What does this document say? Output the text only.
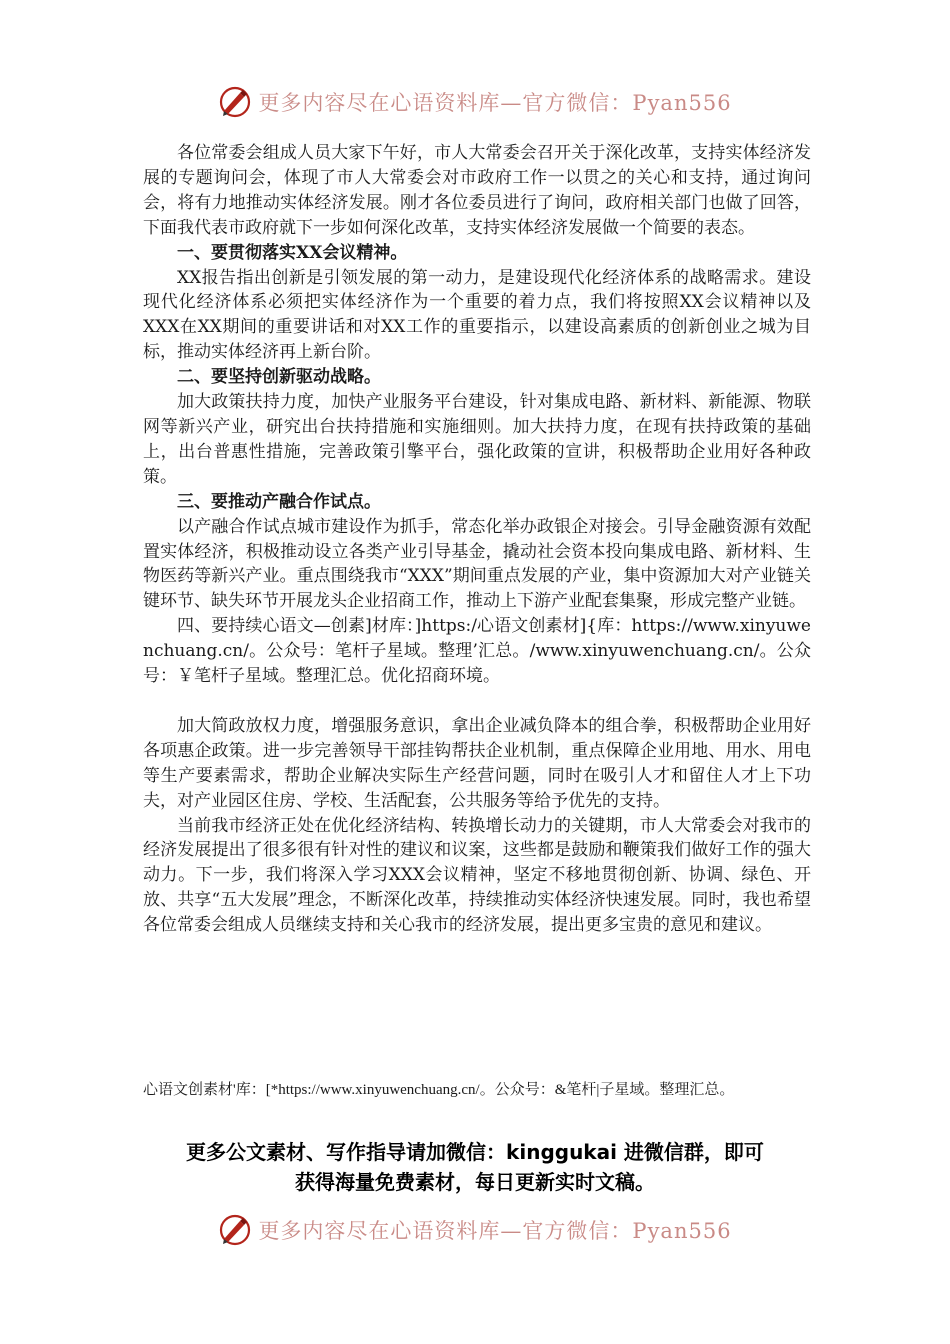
更多内容尽在心语资料库—官方微信：Pyan556

各位常委会组成人员大家下午好，市人大常委会召开关于深化改革，支持实体经济发展的专题询问会，体现了市人大常委会对市政府工作一以贯之的关心和支持，通过询问会，将有力地推动实体经济发展。刚才各位委员进行了询问，政府相关部门也做了回答，下面我代表市政府就下一步如何深化改革，支持实体经济发展做一个简要的表态。

一、要贯彻落实XX会议精神。

XX报告指出创新是引领发展的第一动力，是建设现代化经济体系的战略需求。建设现代化经济体系必须把实体经济作为一个重要的着力点，我们将按照XX会议精神以及XXX在XX期间的重要讲话和对XX工作的重要指示，以建设高素质的创新创业之城为目标，推动实体经济再上新台阶。

二、要坚持创新驱动战略。

加大政策扶持力度，加快产业服务平台建设，针对集成电路、新材料、新能源、物联网等新兴产业，研究出台扶持措施和实施细则。加大扶持力度，在现有扶持政策的基础上，出台普惠性措施，完善政策引擎平台，强化政策的宣讲，积极帮助企业用好各种政策。

三、要推动产融合作试点。

以产融合作试点城市建设作为抓手，常态化举办政银企对接会。引导金融资源有效配置实体经济，积极推动设立各类产业引导基金，撬动社会资本投向集成电路、新材料、生物医药等新兴产业。重点围绕我市“XXX”期间重点发展的产业，集中资源加大对产业链关键环节、缺失环节开展龙头企业招商工作，推动上下游产业配套集聚，形成完整产业链。

四、要持续心语文—创素]材库：]https:/心语文创素材]{库：https://www.xinyuwenchuang.cn/。公众号：笔杆子星域。整理’汇总。/www.xinyuwenchuang.cn/。公众号：￥笔杆子星域。整理汇总。优化招商环境。

加大简政放权力度，增强服务意识，拿出企业减负降本的组合拳，积极帮助企业用好各项惠企政策。进一步完善领导干部挂钩帮扶企业机制，重点保障企业用地、用水、用电等生产要素需求，帮助企业解决实际生产经营问题，同时在吸引人才和留住人才上下功夫，对产业园区住房、学校、生活配套，公共服务等给予优先的支持。

当前我市经济正处在优化经济结构、转换增长动力的关键期，市人大常委会对我市的经济发展提出了很多很有针对性的建议和议案，这些都是鼓励和鞭策我们做好工作的强大动力。下一步，我们将深入学习XXX会议精神，坚定不移地贯彻创新、协调、绿色、开放、共享“五大发展”理念，不断深化改革，持续推动实体经济快速发展。同时，我也希望各位常委会组成人员继续支持和关心我市的经济发展，提出更多宝贵的意见和建议。

心语文创素材'库：[*https://www.xinyuwenchuang.cn/。公众号：&笔杆|子星域。整理汇总。
更多公文素材、写作指导请加微信：kinggukai 进微信群，即可
获得海量免费素材，每日更新实时文稿。
更多内容尽在心语资料库—官方微信：Pyan556
